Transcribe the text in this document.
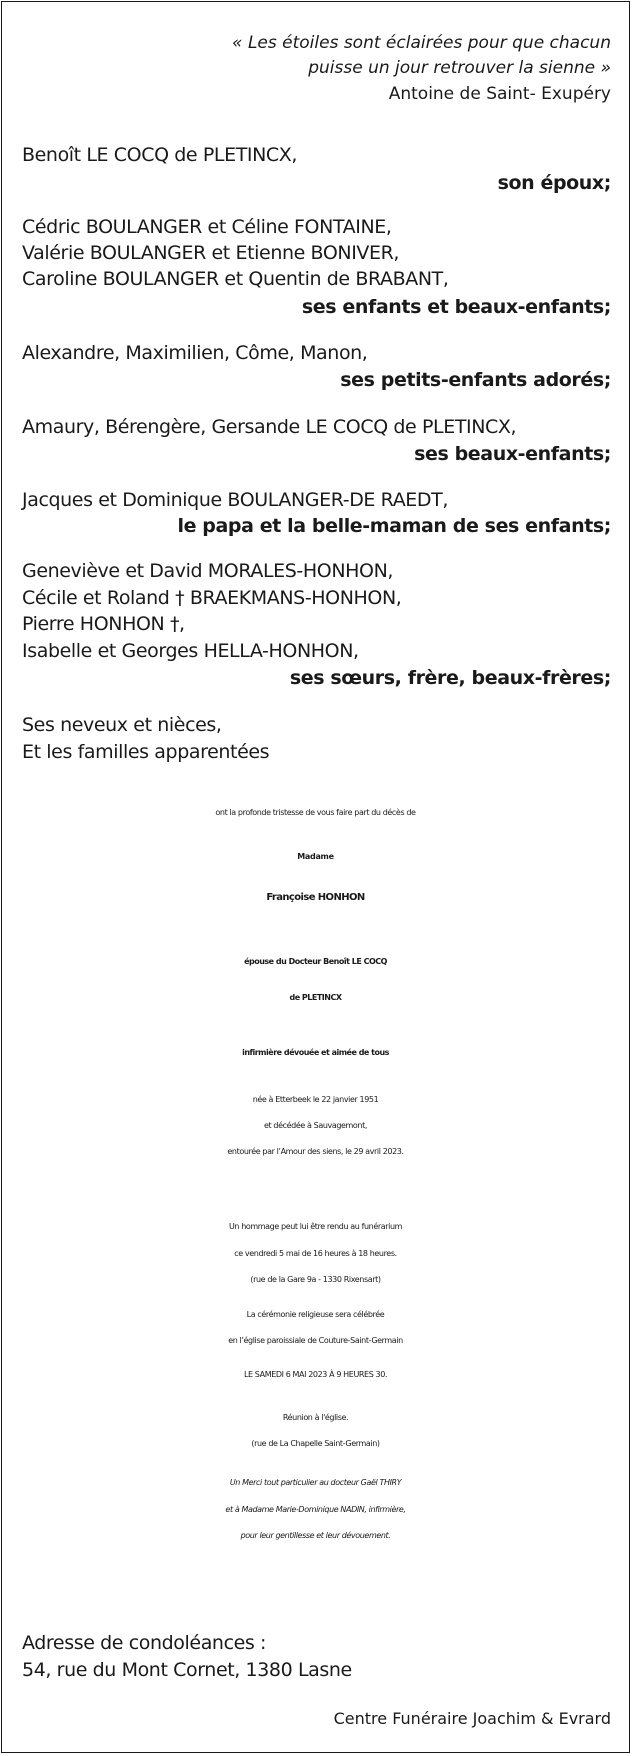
« Les étoiles sont éclairées pour que chacun
puisse un jour retrouver la sienne »
Antoine de Saint- Exupéry
Benoît LE COCQ de PLETINCX,
son époux;
Cédric BOULANGER et Céline FONTAINE,
Valérie BOULANGER et Etienne BONIVER,
Caroline BOULANGER et Quentin de BRABANT,
ses enfants et beaux-enfants;
Alexandre, Maximilien, Côme, Manon,
ses petits-enfants adorés;
Amaury, Bérengère, Gersande LE COCQ de PLETINCX,
ses beaux-enfants;
Jacques et Dominique BOULANGER-DE RAEDT,
le papa et la belle-maman de ses enfants;
Geneviève et David MORALES-HONHON,
Cécile et Roland † BRAEKMANS-HONHON,
Pierre HONHON †,
Isabelle et Georges HELLA-HONHON,
ses sœurs, frère, beaux-frères;
Ses neveux et nièces,
Et les familles apparentées
ont la profonde tristesse de vous faire part du décès de
Madame
Françoise HONHON
épouse du Docteur Benoît LE COCQ
de PLETINCX
infirmière dévouée et aimée de tous
née à Etterbeek le 22 janvier 1951
et décédée à Sauvagemont,
entourée par l’Amour des siens, le 29 avril 2023.
Un hommage peut lui être rendu au funérarium
ce vendredi 5 mai de 16 heures à 18 heures.
(rue de la Gare 9a - 1330 Rixensart)
La cérémonie religieuse sera célébrée
en l’église paroissiale de Couture-Saint-Germain
LE SAMEDI 6 MAI 2023 À 9 HEURES 30.
Réunion à l'église.
(rue de La Chapelle Saint-Germain)
Un Merci tout particulier au docteur Gaël THIRY
et à Madame Marie-Dominique NADIN, infirmière,
pour leur gentillesse et leur dévouement.
Adresse de condoléances :
54, rue du Mont Cornet, 1380 Lasne
Centre Funéraire Joachim & Evrard
